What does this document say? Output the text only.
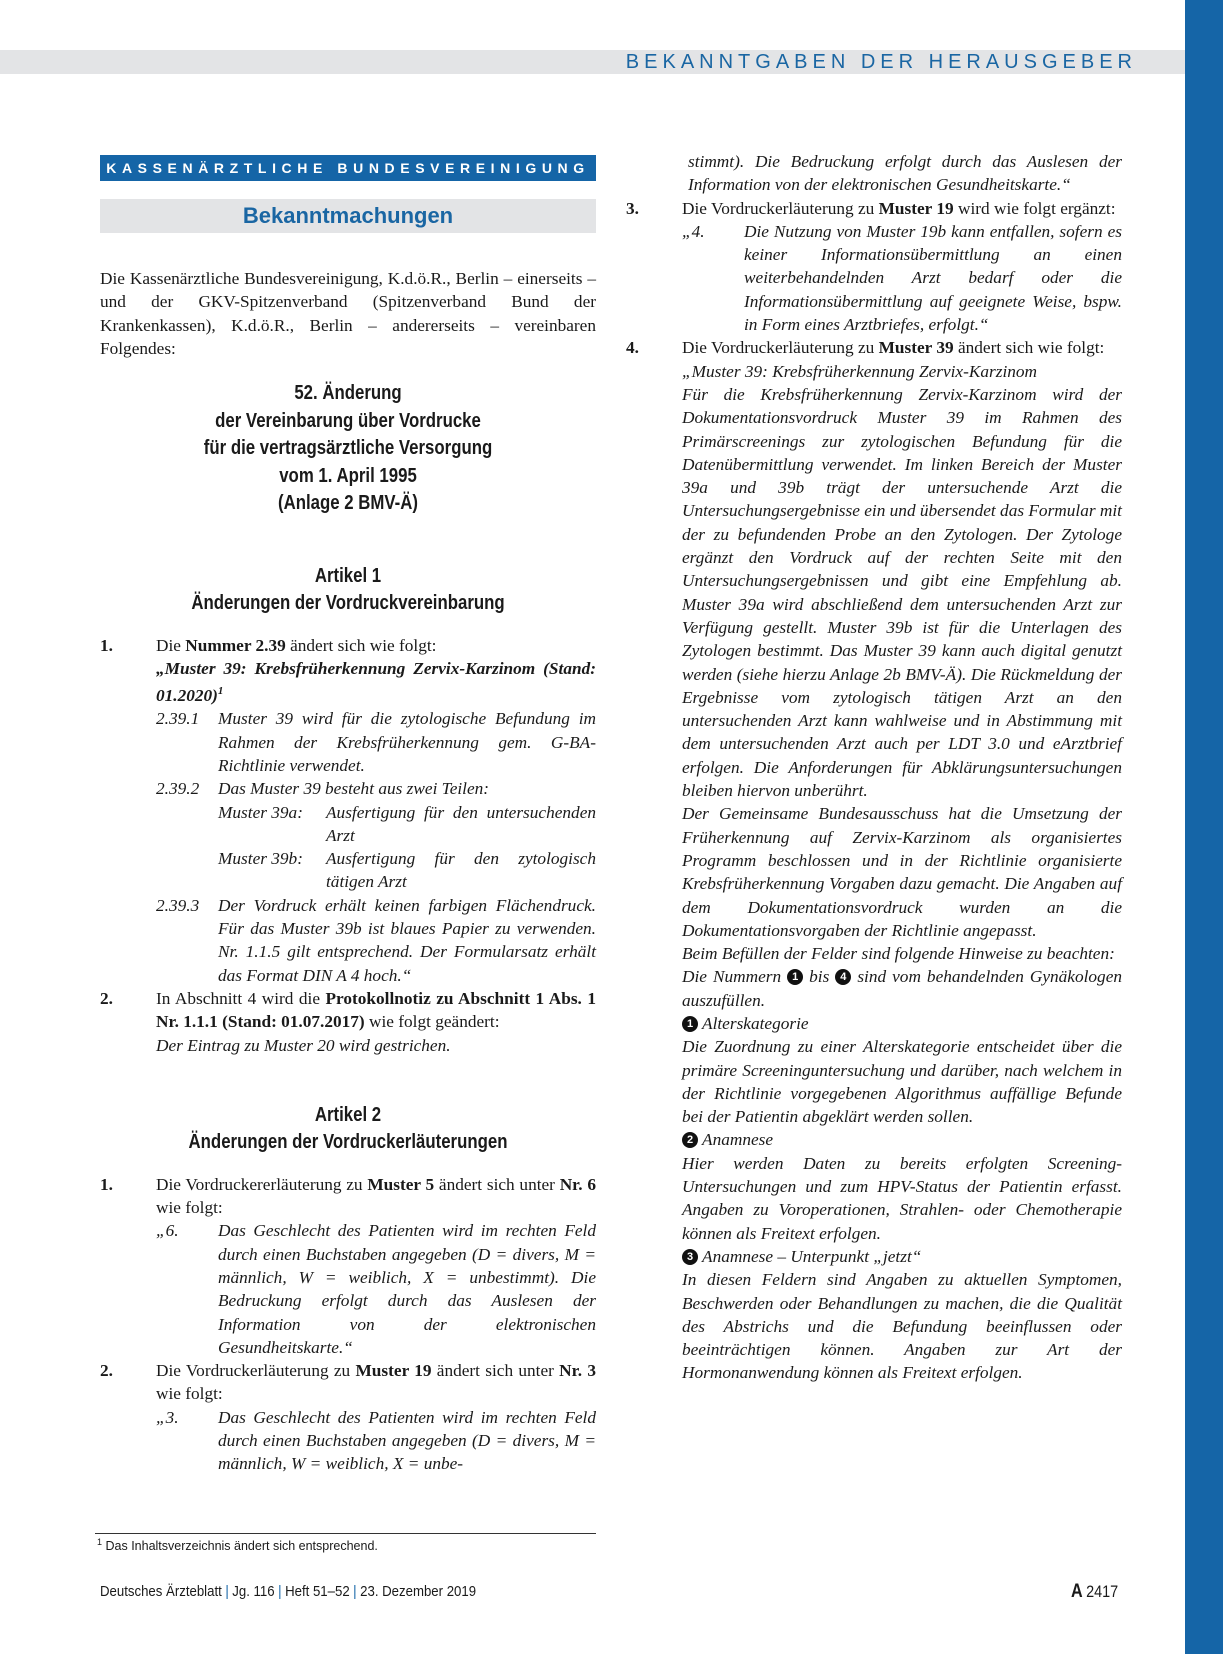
BEKANNTGABEN DER HERAUSGEBER
KASSENÄRZTLICHE BUNDESVEREINIGUNG
Bekanntmachungen
Die Kassenärztliche Bundesvereinigung, K.d.ö.R., Berlin – einerseits – und der GKV-Spitzenverband (Spitzenverband Bund der Krankenkassen), K.d.ö.R., Berlin – andererseits – vereinbaren Folgendes:
52. Änderung
der Vereinbarung über Vordrucke
für die vertragsärztliche Versorgung
vom 1. April 1995
(Anlage 2 BMV-Ä)
Artikel 1
Änderungen der Vordruckvereinbarung
1.	Die Nummer 2.39 ändert sich wie folgt:
„Muster 39: Krebsfrüherkennung Zervix-Karzinom (Stand: 01.2020)$^1$
2.39.1	Muster 39 wird für die zytologische Befundung im Rahmen der Krebsfrüherkennung gem. G-BA-Richtlinie verwendet.
2.39.2	Das Muster 39 besteht aus zwei Teilen:
Muster 39a:	Ausfertigung für den untersuchenden Arzt
Muster 39b:	Ausfertigung für den zytologisch tätigen Arzt
2.39.3	Der Vordruck erhält keinen farbigen Flächendruck. Für das Muster 39b ist blaues Papier zu verwenden. Nr. 1.1.5 gilt entsprechend. Der Formularsatz erhält das Format DIN A 4 hoch.“
2.	In Abschnitt 4 wird die Protokollnotiz zu Abschnitt 1 Abs. 1 Nr. 1.1.1 (Stand: 01.07.2017) wie folgt geändert:
Der Eintrag zu Muster 20 wird gestrichen.
Artikel 2
Änderungen der Vordruckerläuterungen
1.	Die Vordruckererläuterung zu Muster 5 ändert sich unter Nr. 6 wie folgt:
„6.	Das Geschlecht des Patienten wird im rechten Feld durch einen Buchstaben angegeben (D = divers, M = männlich, W = weiblich, X = unbestimmt). Die Bedruckung erfolgt durch das Auslesen der Information von der elektronischen Gesundheitskarte.“
2.	Die Vordruckerläuterung zu Muster 19 ändert sich unter Nr. 3 wie folgt:
„3.	Das Geschlecht des Patienten wird im rechten Feld durch einen Buchstaben angegeben (D = divers, M = männlich, W = weiblich, X = unbe-
stimmt). Die Bedruckung erfolgt durch das Auslesen der Information von der elektronischen Gesundheitskarte.“
3.	Die Vordruckerläuterung zu Muster 19 wird wie folgt ergänzt:
„4.	Die Nutzung von Muster 19b kann entfallen, sofern es keiner Informationsübermittlung an einen weiterbehandelnden Arzt bedarf oder die Informationsübermittlung auf geeignete Weise, bspw. in Form eines Arztbriefes, erfolgt.“
4.	Die Vordruckerläuterung zu Muster 39 ändert sich wie folgt:
„Muster 39: Krebsfrüherkennung Zervix-Karzinom
Für die Krebsfrüherkennung Zervix-Karzinom wird der Dokumentationsvordruck Muster 39 im Rahmen des Primärscreenings zur zytologischen Befundung für die Datenübermittlung verwendet. Im linken Bereich der Muster 39a und 39b trägt der untersuchende Arzt die Untersuchungsergebnisse ein und übersendet das Formular mit der zu befundenden Probe an den Zytologen. Der Zytologe ergänzt den Vordruck auf der rechten Seite mit den Untersuchungsergebnissen und gibt eine Empfehlung ab. Muster 39a wird abschließend dem untersuchenden Arzt zur Verfügung gestellt. Muster 39b ist für die Unterlagen des Zytologen bestimmt. Das Muster 39 kann auch digital genutzt werden (siehe hierzu Anlage 2b BMV-Ä). Die Rückmeldung der Ergebnisse vom zytologisch tätigen Arzt an den untersuchenden Arzt kann wahlweise und in Abstimmung mit dem untersuchenden Arzt auch per LDT 3.0 und eArztbrief erfolgen. Die Anforderungen für Abklärungsuntersuchungen bleiben hiervon unberührt.
Der Gemeinsame Bundesausschuss hat die Umsetzung der Früherkennung auf Zervix-Karzinom als organisiertes Programm beschlossen und in der Richtlinie organisierte Krebsfrüherkennung Vorgaben dazu gemacht. Die Angaben auf dem Dokumentationsvordruck wurden an die Dokumentationsvorgaben der Richtlinie angepasst.
Beim Befüllen der Felder sind folgende Hinweise zu beachten:
Die Nummern 1 bis 4 sind vom behandelnden Gynäkologen auszufüllen.
1 Alterskategorie
Die Zuordnung zu einer Alterskategorie entscheidet über die primäre Screeninguntersuchung und darüber, nach welchem in der Richtlinie vorgegebenen Algorithmus auffällige Befunde bei der Patientin abgeklärt werden sollen.
2 Anamnese
Hier werden Daten zu bereits erfolgten Screening-Untersuchungen und zum HPV-Status der Patientin erfasst. Angaben zu Voroperationen, Strahlen- oder Chemotherapie können als Freitext erfolgen.
3 Anamnese – Unterpunkt „jetzt“
In diesen Feldern sind Angaben zu aktuellen Symptomen, Beschwerden oder Behandlungen zu machen, die die Qualität des Abstrichs und die Befundung beeinflussen oder beeinträchtigen können. Angaben zur Art der Hormonanwendung können als Freitext erfolgen.
$^1$ Das Inhaltsverzeichnis ändert sich entsprechend.
Deutsches Ärzteblatt | Jg. 116 | Heft 51–52 | 23. Dezember 2019	A 2417
